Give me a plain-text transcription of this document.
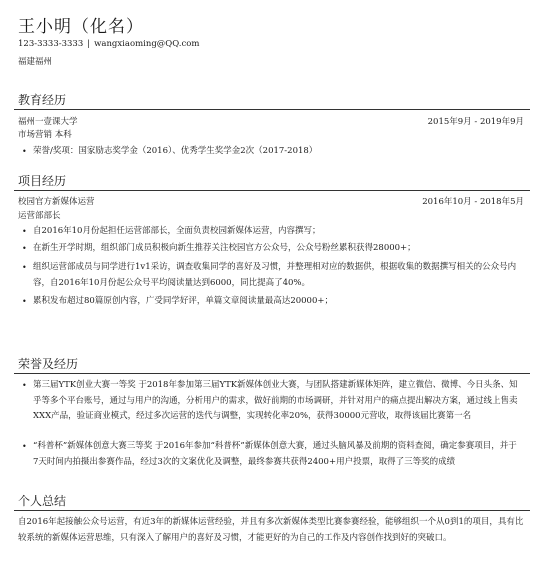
王小明（化名）
123-3333-3333 | wangxiaoming@QQ.com
福建福州
教育经历
福州一壹课大学	2015年9月 - 2019年9月
市场营销 本科
• 荣誉/奖项：国家励志奖学金（2016）、优秀学生奖学金2次（2017-2018）
项目经历
校园官方新媒体运营	2016年10月 - 2018年5月
运营部部长
• 自2016年10月份起担任运营部部长，全面负责校园新媒体运营，内容撰写；
• 在新生开学时期，组织部门成员积极向新生推荐关注校园官方公众号，公众号粉丝累积获得28000+；
• 组织运营部成员与同学进行1v1采访，调查收集同学的喜好及习惯，并整理相对应的数据供，根据收集的数据撰写相关的公众号内容，自2016年10月份起公众号平均阅读量达到6000，同比提高了40%。
• 累积发布超过80篇原创内容，广受同学好评，单篇文章阅读量最高达20000+；
荣誉及经历
• 第三届YTK创业大赛一等奖 于2018年参加第三届YTK新媒体创业大赛，与团队搭建新媒体矩阵，建立微信、微博、今日头条、知乎等多个平台账号，通过与用户的沟通，分析用户的需求，做好前期的市场调研，并针对用户的痛点提出解决方案，通过线上售卖XXX产品，验证商业模式，经过多次运营的迭代与调整，实现转化率20%，获得30000元营收，取得该届比赛第一名
• “科普杯”新媒体创意大赛三等奖 于2016年参加“科普杯”新媒体创意大赛，通过头脑风暴及前期的资料查阅，确定参赛项目，并于7天时间内拍摄出参赛作品，经过3次的文案优化及调整，最终参赛共获得2400+用户投票，取得了三等奖的成绩
个人总结
自2016年起接触公众号运营，有近3年的新媒体运营经验，并且有多次新媒体类型比赛参赛经验，能够组织一个从0到1的项目，具有比较系统的新媒体运营思维，只有深入了解用户的喜好及习惯，才能更好的为自己的工作及内容创作找到好的突破口。
